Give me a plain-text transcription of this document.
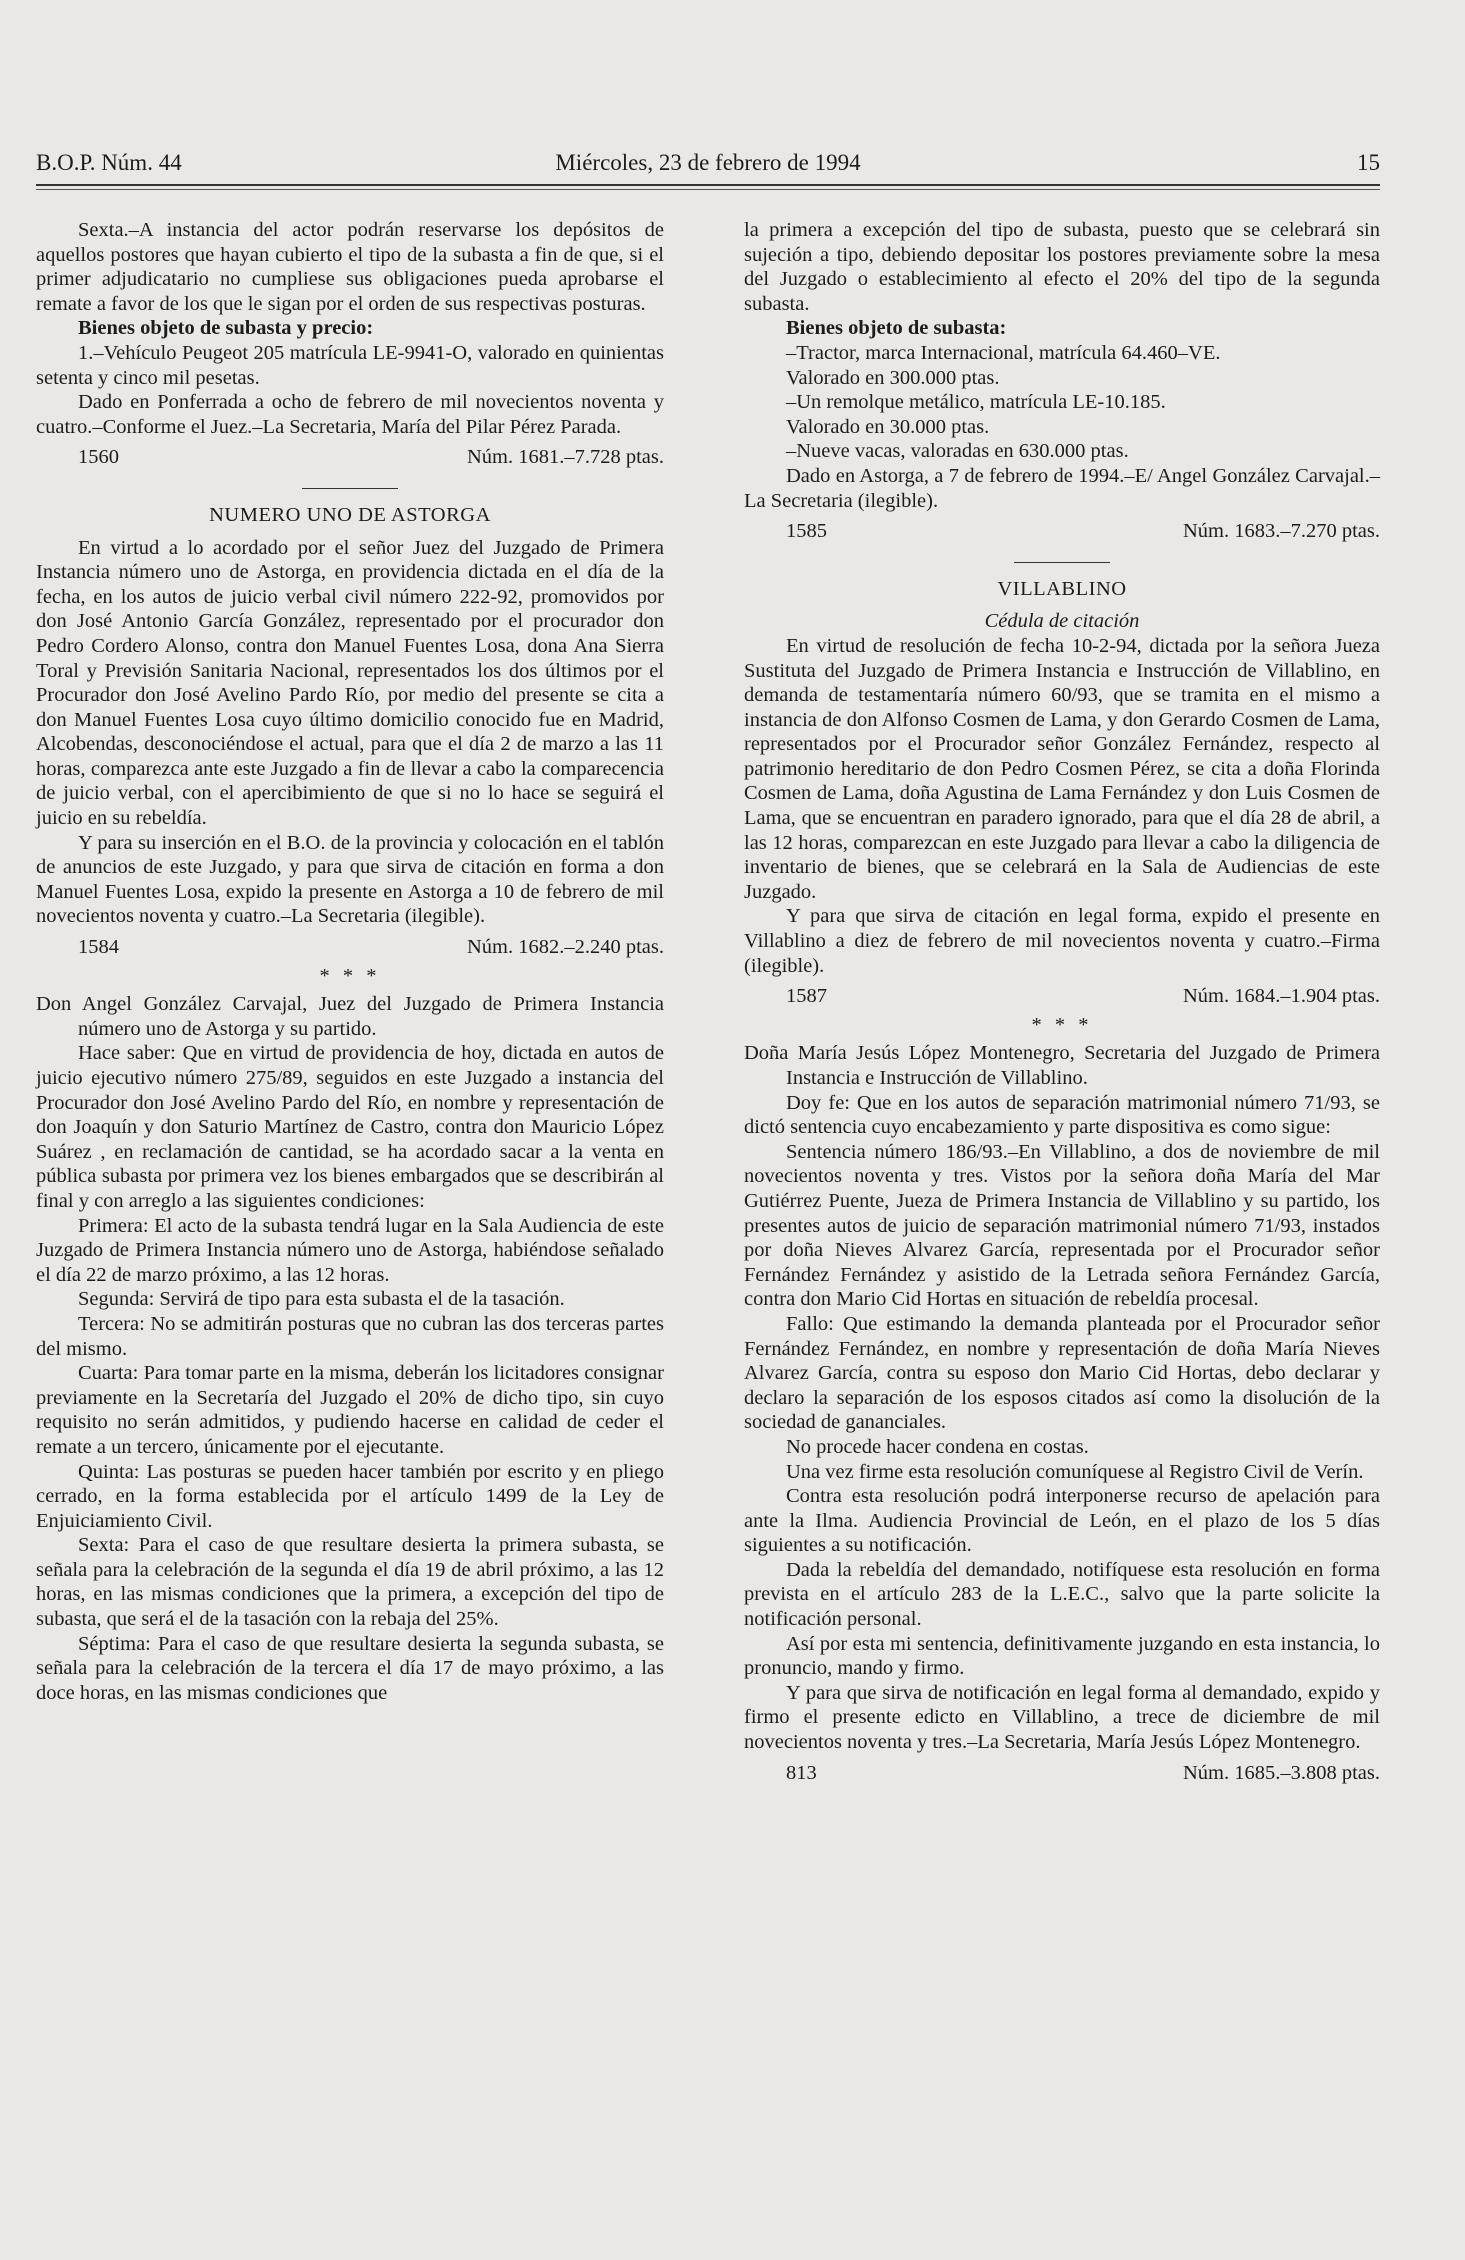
B.O.P. Núm. 44	Miércoles, 23 de febrero de 1994	15

Sexta.–A instancia del actor podrán reservarse los depósitos de aquellos postores que hayan cubierto el tipo de la subasta a fin de que, si el primer adjudicatario no cumpliese sus obligaciones pueda aprobarse el remate a favor de los que le sigan por el orden de sus respectivas posturas.

Bienes objeto de subasta y precio:

1.–Vehículo Peugeot 205 matrícula LE-9941-O, valorado en quinientas setenta y cinco mil pesetas.

Dado en Ponferrada a ocho de febrero de mil novecientos noventa y cuatro.–Conforme el Juez.–La Secretaria, María del Pilar Pérez Parada.

1560	Núm. 1681.–7.728 ptas.

NUMERO UNO DE ASTORGA

En virtud a lo acordado por el señor Juez del Juzgado de Primera Instancia número uno de Astorga, en providencia dictada en el día de la fecha, en los autos de juicio verbal civil número 222-92, promovidos por don José Antonio García González, representado por el procurador don Pedro Cordero Alonso, contra don Manuel Fuentes Losa, dona Ana Sierra Toral y Previsión Sanitaria Nacional, representados los dos últimos por el Procurador don José Avelino Pardo Río, por medio del presente se cita a don Manuel Fuentes Losa cuyo último domicilio conocido fue en Madrid, Alcobendas, desconociéndose el actual, para que el día 2 de marzo a las 11 horas, comparezca ante este Juzgado a fin de llevar a cabo la comparecencia de juicio verbal, con el apercibimiento de que si no lo hace se seguirá el juicio en su rebeldía.

Y para su inserción en el B.O. de la provincia y colocación en el tablón de anuncios de este Juzgado, y para que sirva de citación en forma a don Manuel Fuentes Losa, expido la presente en Astorga a 10 de febrero de mil novecientos noventa y cuatro.–La Secretaria (ilegible).

1584	Núm. 1682.–2.240 ptas.

* * *

Don Angel González Carvajal, Juez del Juzgado de Primera Instancia número uno de Astorga y su partido.

Hace saber: Que en virtud de providencia de hoy, dictada en autos de juicio ejecutivo número 275/89, seguidos en este Juzgado a instancia del Procurador don José Avelino Pardo del Río, en nombre y representación de don Joaquín y don Saturio Martínez de Castro, contra don Mauricio López Suárez , en reclamación de cantidad, se ha acordado sacar a la venta en pública subasta por primera vez los bienes embargados que se describirán al final y con arreglo a las siguientes condiciones:

Primera: El acto de la subasta tendrá lugar en la Sala Audiencia de este Juzgado de Primera Instancia número uno de Astorga, habiéndose señalado el día 22 de marzo próximo, a las 12 horas.

Segunda: Servirá de tipo para esta subasta el de la tasación.

Tercera: No se admitirán posturas que no cubran las dos terceras partes del mismo.

Cuarta: Para tomar parte en la misma, deberán los licitadores consignar previamente en la Secretaría del Juzgado el 20% de dicho tipo, sin cuyo requisito no serán admitidos, y pudiendo hacerse en calidad de ceder el remate a un tercero, únicamente por el ejecutante.

Quinta: Las posturas se pueden hacer también por escrito y en pliego cerrado, en la forma establecida por el artículo 1499 de la Ley de Enjuiciamiento Civil.

Sexta: Para el caso de que resultare desierta la primera subasta, se señala para la celebración de la segunda el día 19 de abril próximo, a las 12 horas, en las mismas condiciones que la primera, a excepción del tipo de subasta, que será el de la tasación con la rebaja del 25%.

Séptima: Para el caso de que resultare desierta la segunda subasta, se señala para la celebración de la tercera el día 17 de mayo próximo, a las doce horas, en las mismas condiciones que

la primera a excepción del tipo de subasta, puesto que se celebrará sin sujeción a tipo, debiendo depositar los postores previamente sobre la mesa del Juzgado o establecimiento al efecto el 20% del tipo de la segunda subasta.

Bienes objeto de subasta:

–Tractor, marca Internacional, matrícula 64.460–VE.

Valorado en 300.000 ptas.

–Un remolque metálico, matrícula LE-10.185.

Valorado en 30.000 ptas.

–Nueve vacas, valoradas en 630.000 ptas.

Dado en Astorga, a 7 de febrero de 1994.–E/ Angel González Carvajal.–La Secretaria (ilegible).

1585	Núm. 1683.–7.270 ptas.

VILLABLINO

Cédula de citación

En virtud de resolución de fecha 10-2-94, dictada por la señora Jueza Sustituta del Juzgado de Primera Instancia e Instrucción de Villablino, en demanda de testamentaría número 60/93, que se tramita en el mismo a instancia de don Alfonso Cosmen de Lama, y don Gerardo Cosmen de Lama, representados por el Procurador señor González Fernández, respecto al patrimonio hereditario de don Pedro Cosmen Pérez, se cita a doña Florinda Cosmen de Lama, doña Agustina de Lama Fernández y don Luis Cosmen de Lama, que se encuentran en paradero ignorado, para que el día 28 de abril, a las 12 horas, comparezcan en este Juzgado para llevar a cabo la diligencia de inventario de bienes, que se celebrará en la Sala de Audiencias de este Juzgado.

Y para que sirva de citación en legal forma, expido el presente en Villablino a diez de febrero de mil novecientos noventa y cuatro.–Firma (ilegible).

1587	Núm. 1684.–1.904 ptas.

* * *

Doña María Jesús López Montenegro, Secretaria del Juzgado de Primera Instancia e Instrucción de Villablino.

Doy fe: Que en los autos de separación matrimonial número 71/93, se dictó sentencia cuyo encabezamiento y parte dispositiva es como sigue:

Sentencia número 186/93.–En Villablino, a dos de noviembre de mil novecientos noventa y tres. Vistos por la señora doña María del Mar Gutiérrez Puente, Jueza de Primera Instancia de Villablino y su partido, los presentes autos de juicio de separación matrimonial número 71/93, instados por doña Nieves Alvarez García, representada por el Procurador señor Fernández Fernández y asistido de la Letrada señora Fernández García, contra don Mario Cid Hortas en situación de rebeldía procesal.

Fallo: Que estimando la demanda planteada por el Procurador señor Fernández Fernández, en nombre y representación de doña María Nieves Alvarez García, contra su esposo don Mario Cid Hortas, debo declarar y declaro la separación de los esposos citados así como la disolución de la sociedad de gananciales.

No procede hacer condena en costas.

Una vez firme esta resolución comuníquese al Registro Civil de Verín.

Contra esta resolución podrá interponerse recurso de apelación para ante la Ilma. Audiencia Provincial de León, en el plazo de los 5 días siguientes a su notificación.

Dada la rebeldía del demandado, notifíquese esta resolución en forma prevista en el artículo 283 de la L.E.C., salvo que la parte solicite la notificación personal.

Así por esta mi sentencia, definitivamente juzgando en esta instancia, lo pronuncio, mando y firmo.

Y para que sirva de notificación en legal forma al demandado, expido y firmo el presente edicto en Villablino, a trece de diciembre de mil novecientos noventa y tres.–La Secretaria, María Jesús López Montenegro.

813	Núm. 1685.–3.808 ptas.
